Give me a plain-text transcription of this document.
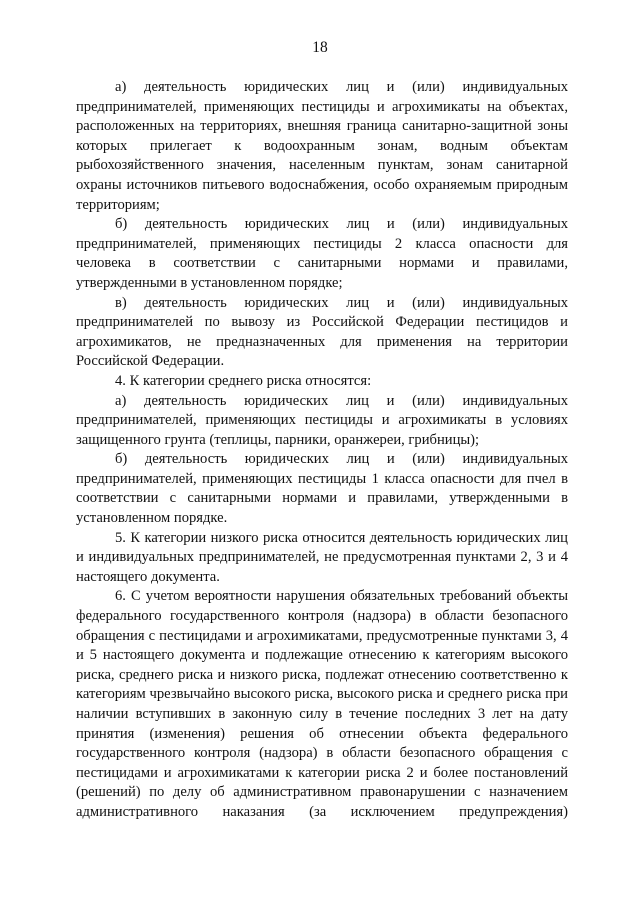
18

а) деятельность юридических лиц и (или) индивидуальных предпринимателей, применяющих пестициды и агрохимикаты на объектах, расположенных на территориях, внешняя граница санитарно-защитной зоны которых прилегает к водоохранным зонам, водным объектам рыбохозяйственного значения, населенным пунктам, зонам санитарной охраны источников питьевого водоснабжения, особо охраняемым природным территориям;

б) деятельность юридических лиц и (или) индивидуальных предпринимателей, применяющих пестициды 2 класса опасности для человека в соответствии с санитарными нормами и правилами, утвержденными в установленном порядке;

в) деятельность юридических лиц и (или) индивидуальных предпринимателей по вывозу из Российской Федерации пестицидов и агрохимикатов, не предназначенных для применения на территории Российской Федерации.

4. К категории среднего риска относятся:

а) деятельность юридических лиц и (или) индивидуальных предпринимателей, применяющих пестициды и агрохимикаты в условиях защищенного грунта (теплицы, парники, оранжереи, грибницы);

б) деятельность юридических лиц и (или) индивидуальных предпринимателей, применяющих пестициды 1 класса опасности для пчел в соответствии с санитарными нормами и правилами, утвержденными в установленном порядке.

5. К категории низкого риска относится деятельность юридических лиц и индивидуальных предпринимателей, не предусмотренная пунктами 2, 3 и 4 настоящего документа.

6. С учетом вероятности нарушения обязательных требований объекты федерального государственного контроля (надзора) в области безопасного обращения с пестицидами и агрохимикатами, предусмотренные пунктами 3, 4 и 5 настоящего документа и подлежащие отнесению к категориям высокого риска, среднего риска и низкого риска, подлежат отнесению соответственно к категориям чрезвычайно высокого риска, высокого риска и среднего риска при наличии вступивших в законную силу в течение последних 3 лет на дату принятия (изменения) решения об отнесении объекта федерального государственного контроля (надзора) в области безопасного обращения с пестицидами и агрохимикатами к категории риска 2 и более постановлений (решений) по делу об административном правонарушении с назначением административного наказания (за исключением предупреждения)
